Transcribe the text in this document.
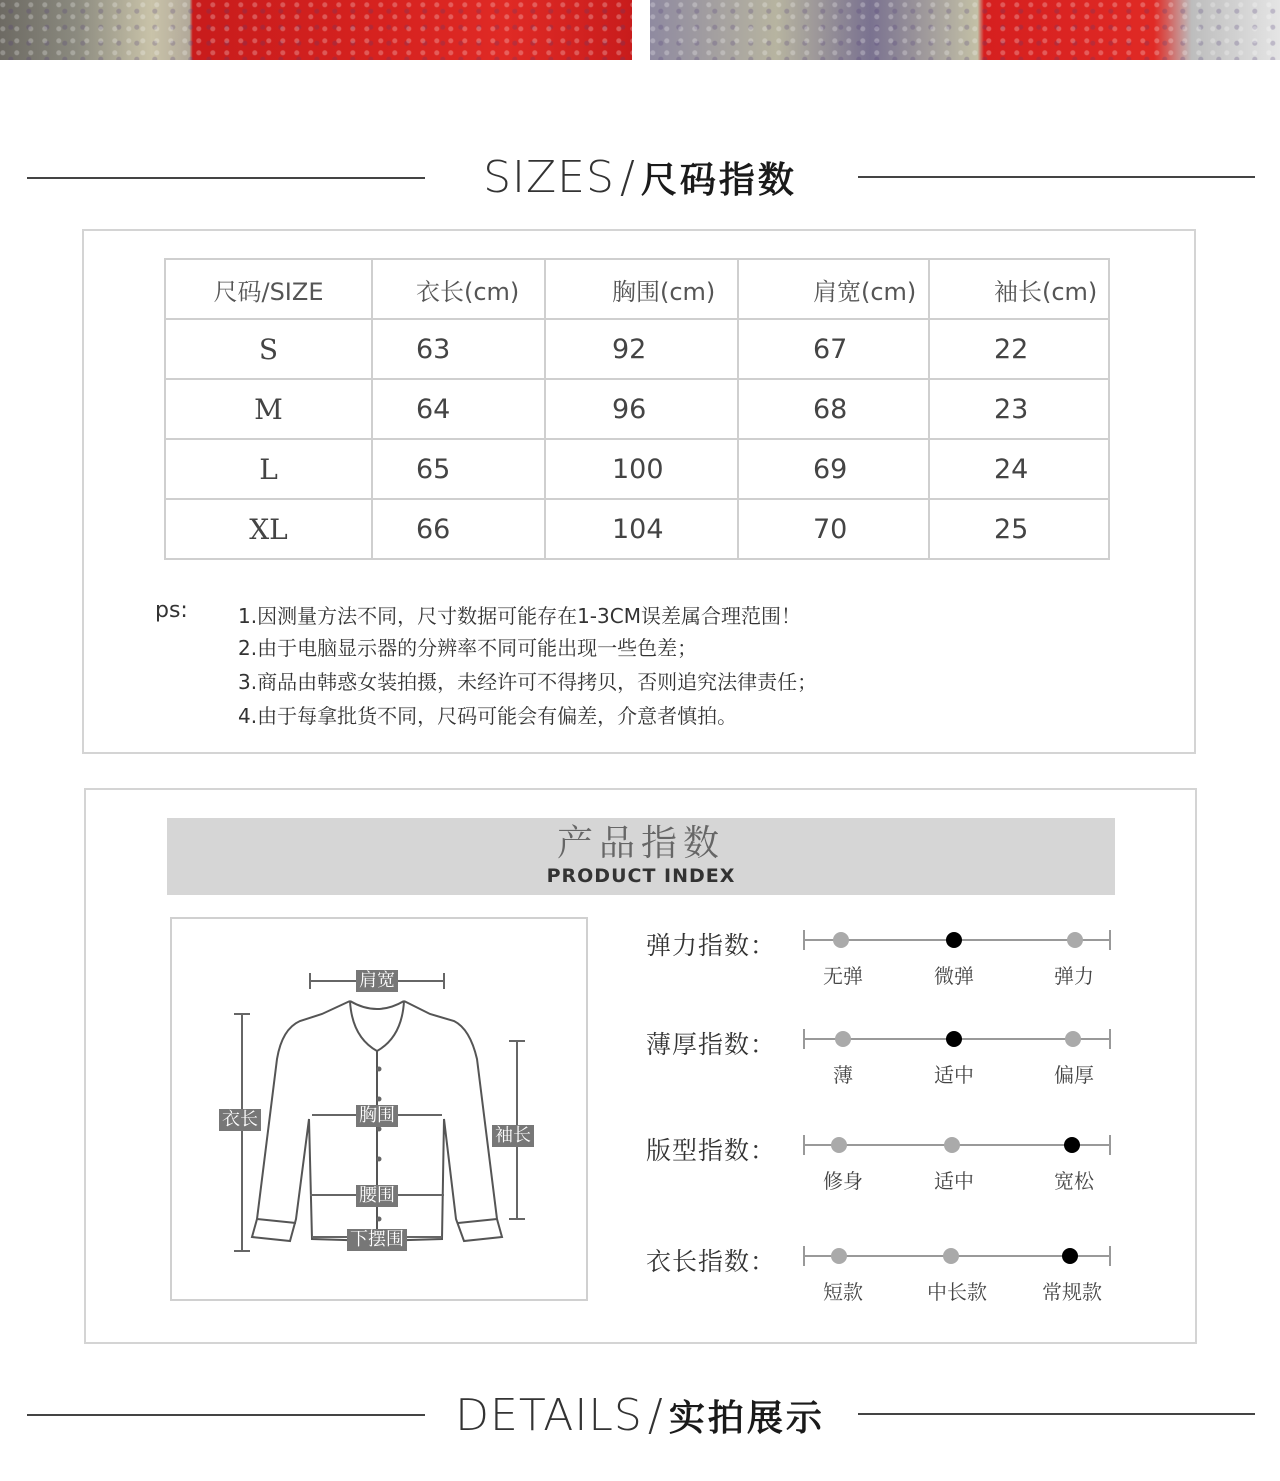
SIZES / 尺码指数
尺码/SIZE	衣长(cm)	胸围(cm)	肩宽(cm)	袖长(cm)
S	63	92	67	22
M	64	96	68	23
L	65	100	69	24
XL	66	104	70	25
ps:	1.因测量方法不同，尺寸数据可能存在1-3CM误差属合理范围！
2.由于电脑显示器的分辨率不同可能出现一些色差；
3.商品由韩惑女装拍摄，未经许可不得拷贝，否则追究法律责任；
4.由于每拿批货不同，尺码可能会有偏差，介意者慎拍。
产品指数
PRODUCT INDEX
肩宽
衣长	胸围
袖长
腰围
下摆围
弹力指数：
无弹	微弹	弹力
薄厚指数：
薄	适中	偏厚
版型指数：
修身	适中	宽松
衣长指数：
短款	中长款	常规款
DETAILS / 实拍展示
